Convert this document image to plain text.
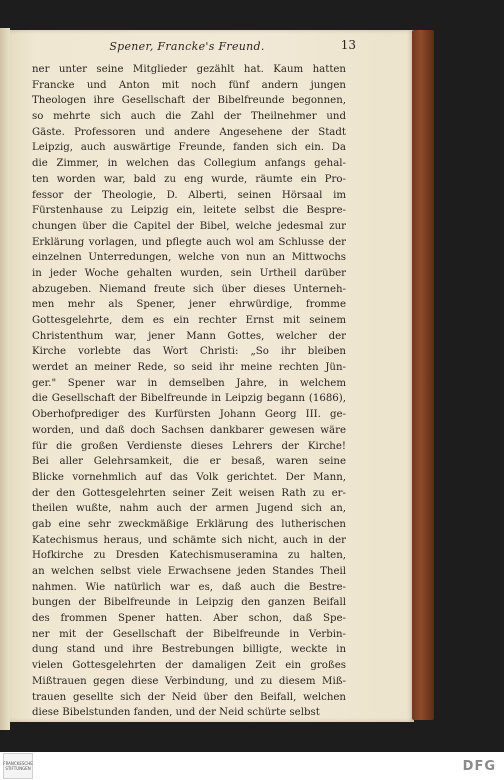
Spener, Francke's Freund.	13
ner unter seine Mitglieder gezählt hat. Kaum hatten
Francke und Anton mit noch fünf andern jungen
Theologen ihre Gesellschaft der Bibelfreunde begonnen,
so mehrte sich auch die Zahl der Theilnehmer und
Gäste. Professoren und andere Angesehene der Stadt
Leipzig, auch auswärtige Freunde, fanden sich ein. Da
die Zimmer, in welchen das Collegium anfangs gehal-
ten worden war, bald zu eng wurde, räumte ein Pro-
fessor der Theologie, D. Alberti, seinen Hörsaal im
Fürstenhause zu Leipzig ein, leitete selbst die Besprе-
chungen über die Capitel der Bibel, welche jedesmal zur
Erklärung vorlagen, und pflegte auch wol am Schlusse der
einzelnen Unterredungen, welche von nun an Mittwochs
in jeder Woche gehalten wurden, sein Urtheil darüber
abzugeben. Niemand freute sich über dieses Unterneh-
men mehr als Spener, jener ehrwürdige, fromme
Gottesgelehrte, dem es ein rechter Ernst mit seinem
Christenthum war, jener Mann Gottes, welcher der
Kirche vorlebte das Wort Christi: „So ihr bleiben
werdet an meiner Rede, so seid ihr meine rechten Jün-
ger." Spener war in demselben Jahre, in welchem
die Gesellschaft der Bibelfreunde in Leipzig begann (1686),
Oberhofprediger des Kurfürsten Johann Georg III. ge-
worden, und daß doch Sachsen dankbarer gewesen wäre
für die großen Verdienste dieses Lehrers der Kirche!
Bei aller Gelehrsamkeit, die er besaß, waren seine
Blicke vornehmlich auf das Volk gerichtet. Der Mann,
der den Gottesgelehrten seiner Zeit weisen Rath zu er-
theilen wußte, nahm auch der armen Jugend sich an,
gab eine sehr zweckmäßige Erklärung des lutherischen
Katechismus heraus, und schämte sich nicht, auch in der
Hofkirche zu Dresden Katechismuseramina zu halten,
an welchen selbst viele Erwachsene jeden Standes Theil
nahmen. Wie natürlich war es, daß auch die Bestre-
bungen der Bibelfreunde in Leipzig den ganzen Beifall
des frommen Spener hatten. Aber schon, daß Spe-
ner mit der Gesellschaft der Bibelfreunde in Verbin-
dung stand und ihre Bestrebungen billigte, weckte in
vielen Gottesgelehrten der damaligen Zeit ein großes
Mißtrauen gegen diese Verbindung, und zu diesem Miß-
trauen gesellte sich der Neid über den Beifall, welchen
diese Bibelstunden fanden, und der Neid schürte selbst
FRANCKESCHE STIFTUNGEN	DFG
